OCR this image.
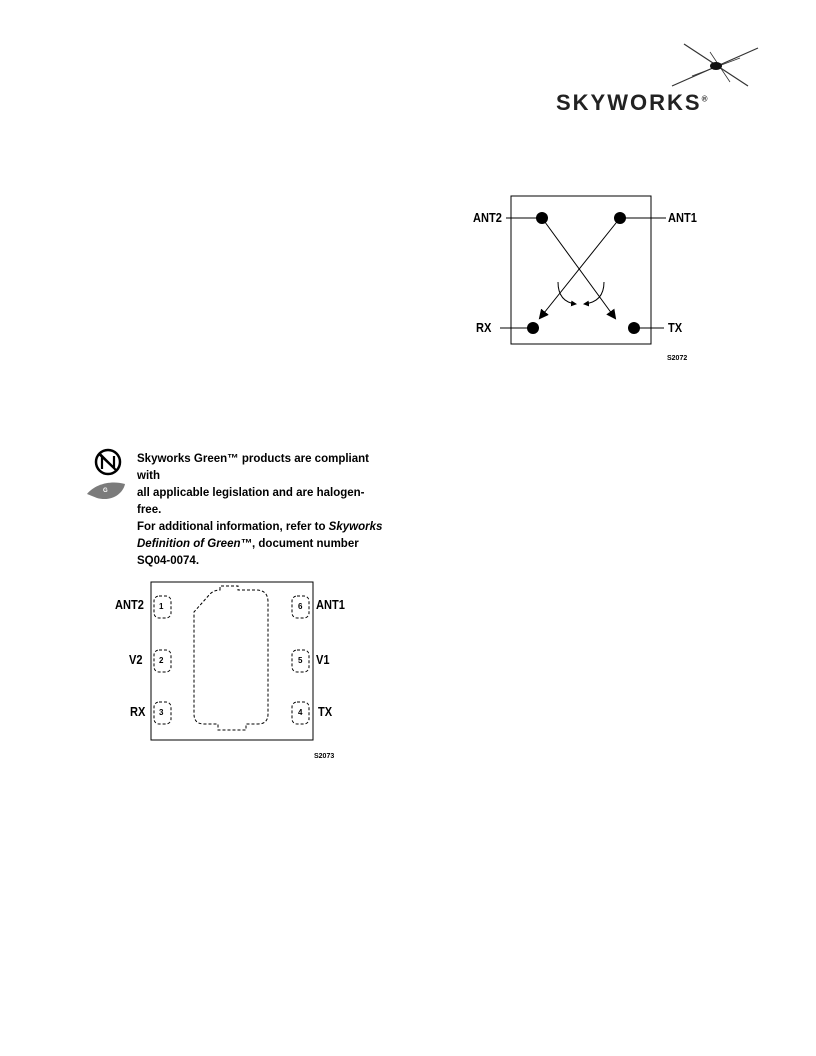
SKYWORKS®
ANT2	ANT1
RX	TX
S2072
G
Skyworks Green™ products are compliant with
all applicable legislation and are halogen-free.
For additional information, refer to Skyworks
Definition of Green™, document number
SQ04-0074.
1
2
3	4
5
6
ANT2
V2
RX	TX
V1
ANT1
S2073
